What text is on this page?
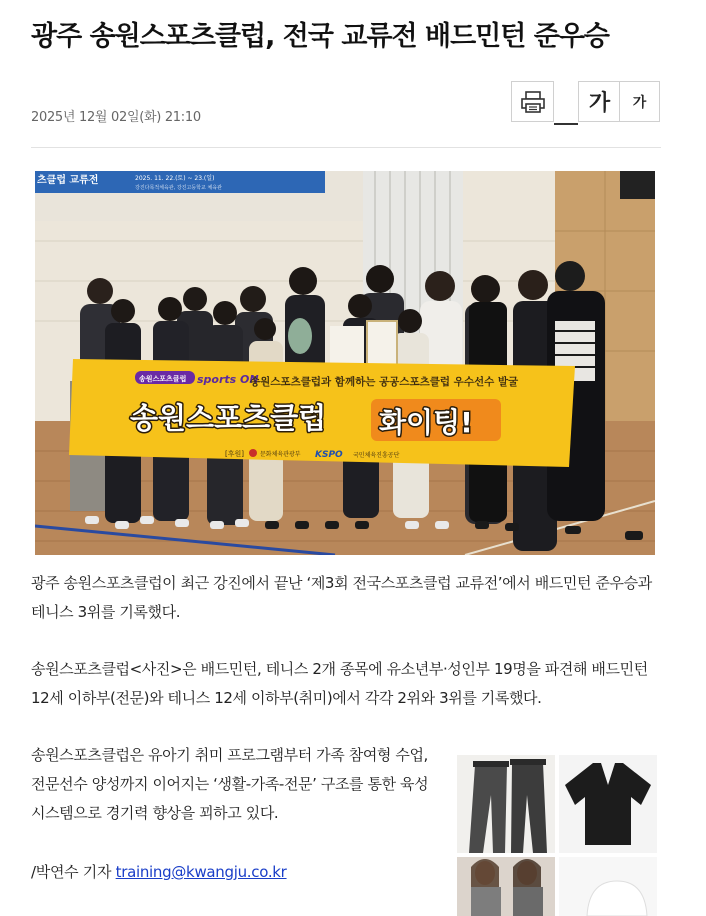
광주 송원스포츠클럽, 전국 교류전 배드민턴 준우승
2025년 12월 02일(화) 21:10
가	가
츠클럽 교류전	2025. 11. 22.(토) ~ 23.(일)
강진다목적체육관, 강진고등학교 체육관
송원스포츠클럽 sports ON
송원스포츠클럽과 함께하는 공공스포츠클럽 우수선수 발굴
송원스포츠클럽 화이팅!
[후원]	문화체육관광부 KSPO 국민체육진흥공단

광주 송원스포츠클럽이 최근 강진에서 끝난 ‘제3회 전국스포츠클럽 교류전’에서 배드민턴 준우승과 테니스 3위를 기록했다.

송원스포츠클럽<사진>은 배드민턴, 테니스 2개 종목에 유소년부·성인부 19명을 파견해 배드민턴 12세 이하부(전문)와 테니스 12세 이하부(취미)에서 각각 2위와 3위를 기록했다.

송원스포츠클럽은 유아기 취미 프로그램부터 가족 참여형 수업, 전문선수 양성까지 이어지는 ‘생활-가족-전문’ 구조를 통한 육성 시스템으로 경기력 향상을 꾀하고 있다.

/박연수 기자 training@kwangju.co.kr
